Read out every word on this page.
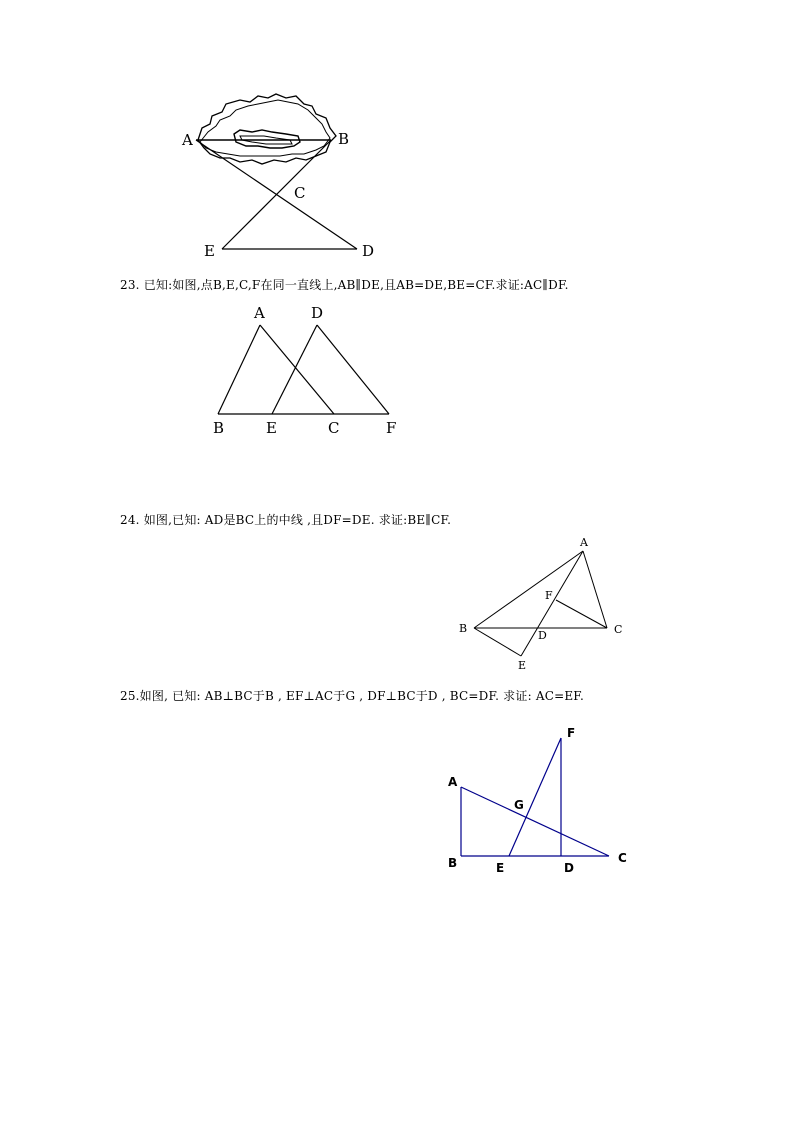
A	B
C
E	D
23. 已知:如图,点B,E,C,F在同一直线上,AB∥DE,且AB=DE,BE=CF.求证:AC∥DF.
A	D
B	E	C	F
24. 如图,已知: AD是BC上的中线 ,且DF=DE. 求证:BE∥CF.
A
F
B
D	C
E
25.如图, 已知: AB⊥BC于B , EF⊥AC于G , DF⊥BC于D , BC=DF. 求证: AC=EF.
A
G
F
B	E	D
C
